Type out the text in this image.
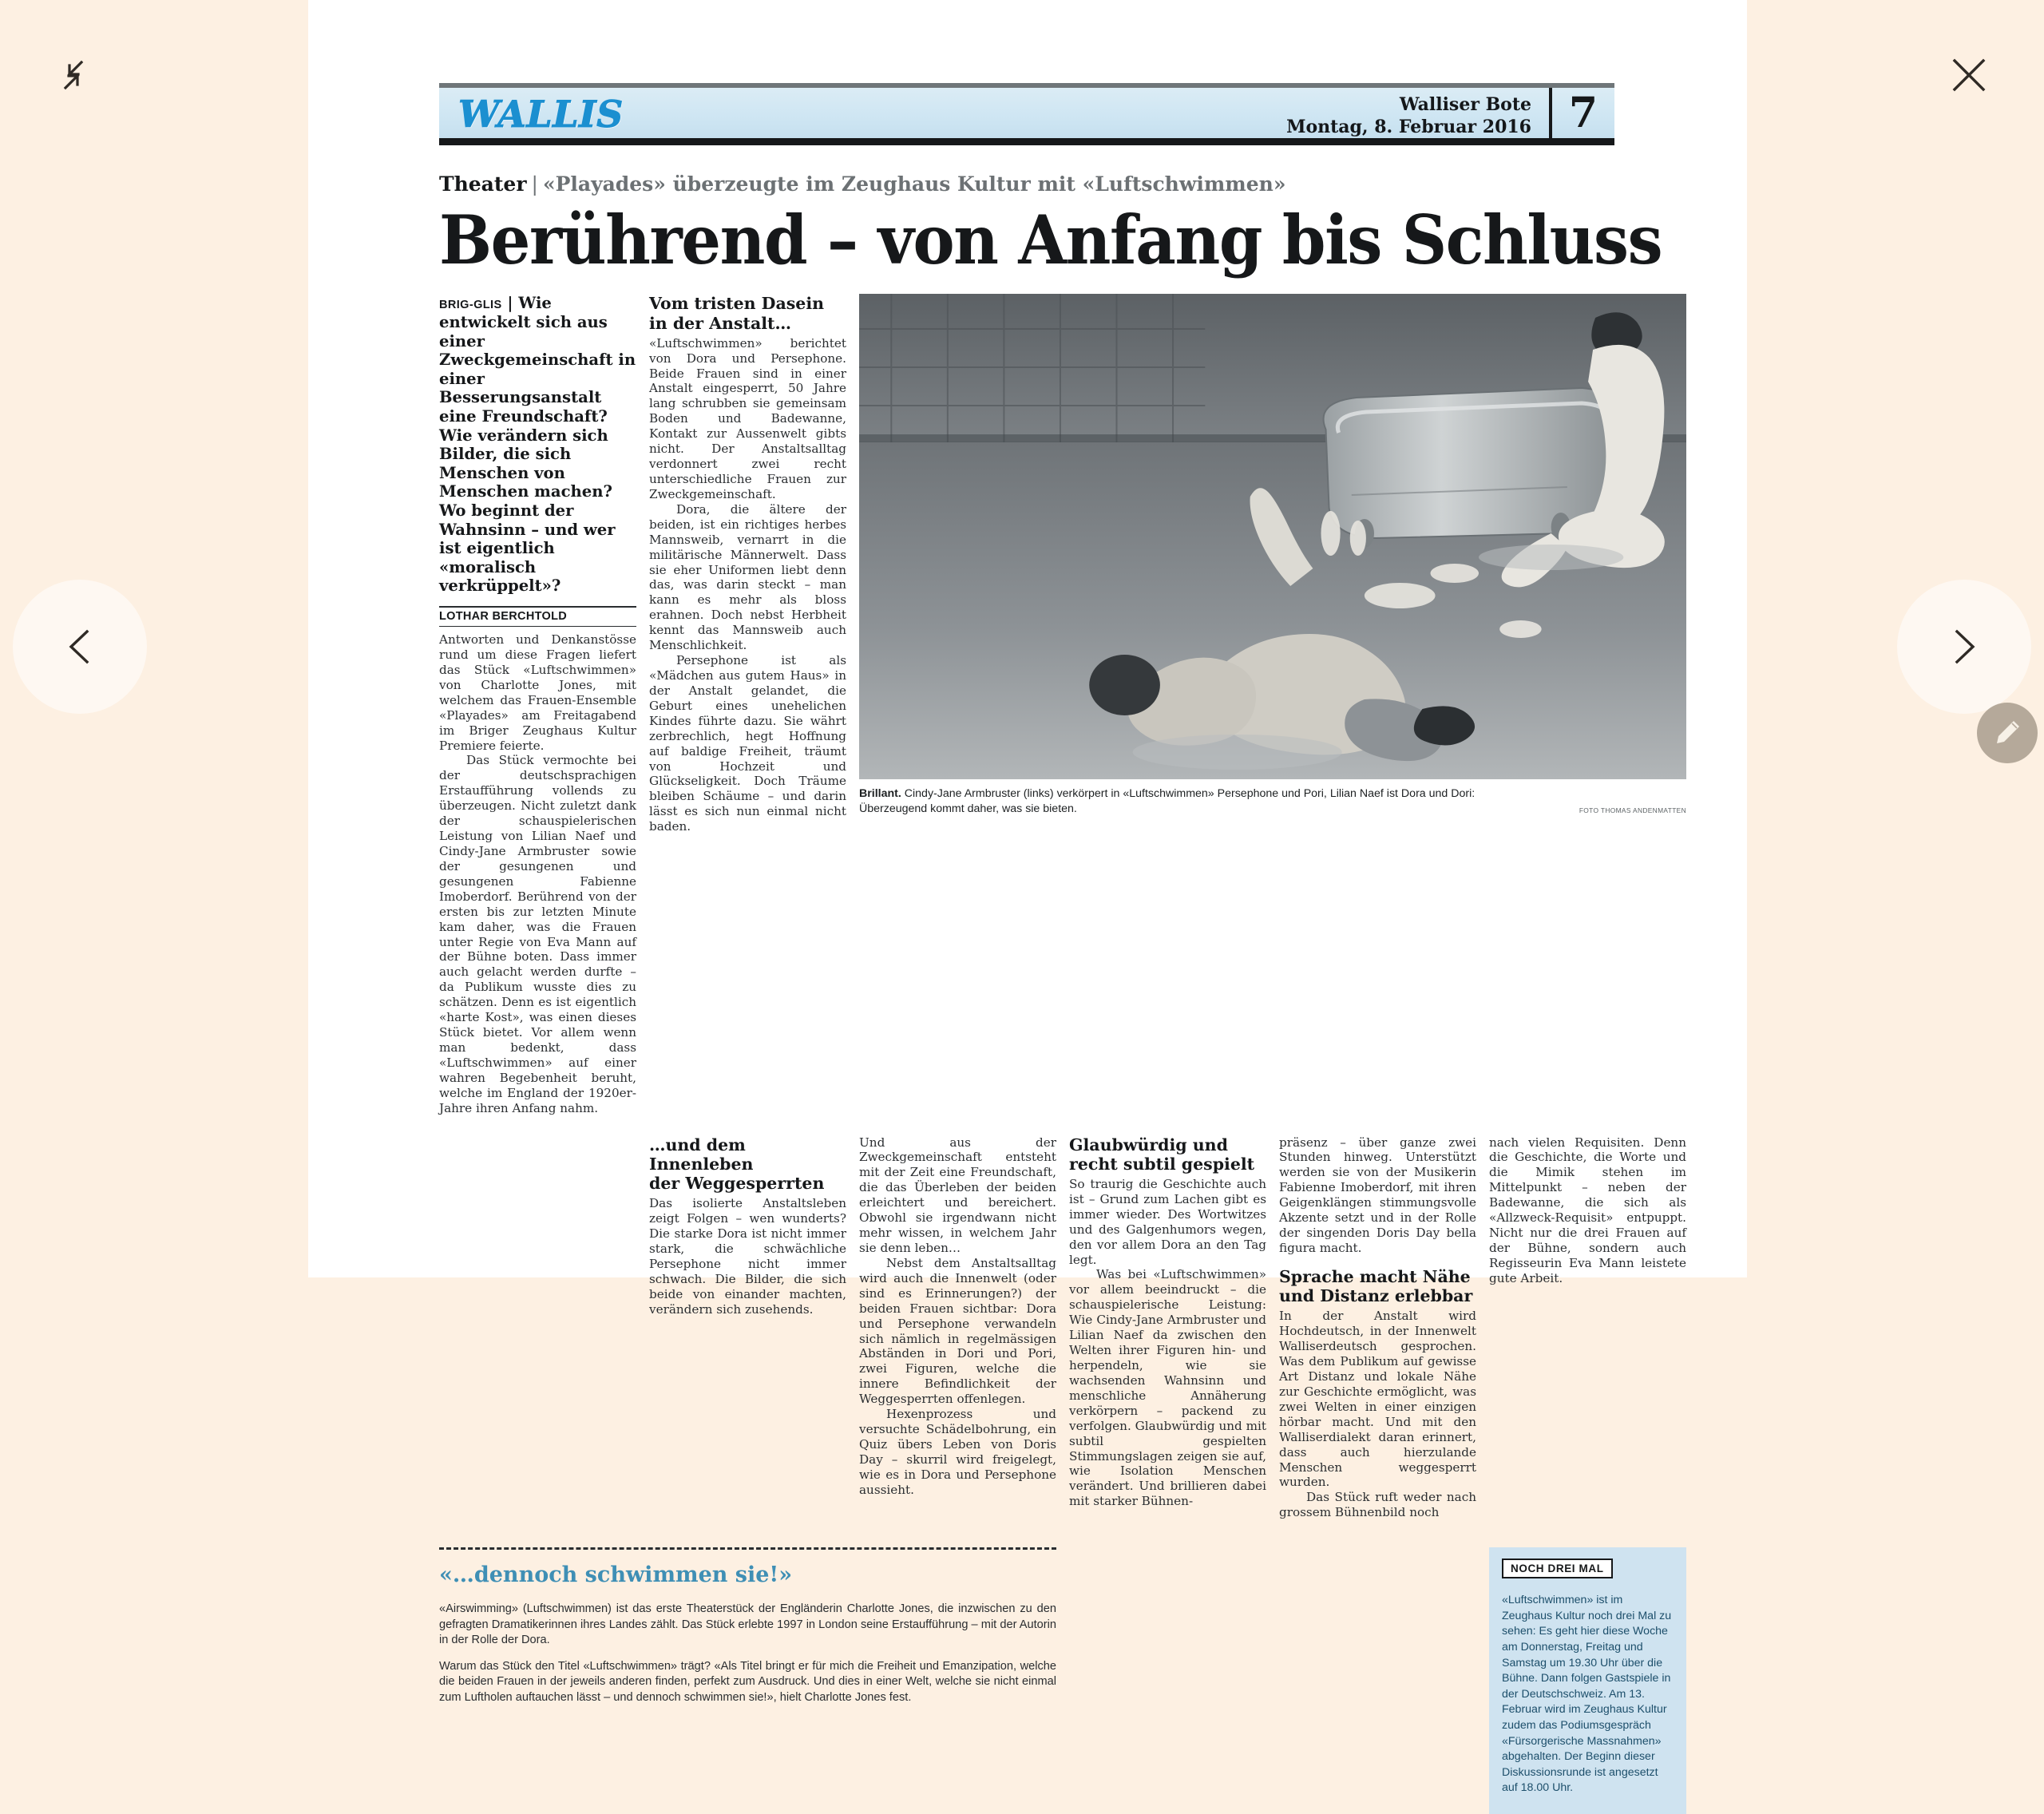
WALLIS	Walliser Bote
Montag, 8. Februar 2016 7
Theater | «Playades» überzeugte im Zeughaus Kultur mit «Luftschwimmen»
Berührend – von Anfang bis Schluss

BRIG-GLIS | Wie entwickelt sich aus einer Zweckgemeinschaft in einer Besserungsanstalt eine Freundschaft? Wie verändern sich Bilder, die sich Menschen von Menschen machen? Wo beginnt der Wahnsinn – und wer ist eigentlich «moralisch verkrüppelt»?

LOTHAR BERCHTOLD

Antworten und Denkanstösse rund um diese Fragen liefert das Stück «Luftschwimmen» von Charlotte Jones, mit welchem das Frauen-Ensemble «Playades» am Freitagabend im Briger Zeughaus Kultur Premiere feierte.

Das Stück vermochte bei der deutschsprachigen Erstaufführung vollends zu überzeugen. Nicht zuletzt dank der schauspielerischen Leistung von Lilian Naef und Cindy-Jane Armbruster sowie der gesungenen und gesungenen Fabienne Imoberdorf. Berührend von der ersten bis zur letzten Minute kam daher, was die Frauen unter Regie von Eva Mann auf der Bühne boten. Dass immer auch gelacht werden durfte – da Publikum wusste dies zu schätzen. Denn es ist eigentlich «harte Kost», was einen dieses Stück bietet. Vor allem wenn man bedenkt, dass «Luftschwimmen» auf einer wahren Begebenheit beruht, welche im England der 1920er-Jahre ihren Anfang nahm.

Vom tristen Dasein
in der Anstalt…

«Luftschwimmen» berichtet von Dora und Persephone. Beide Frauen sind in einer Anstalt eingesperrt, 50 Jahre lang schrubben sie gemeinsam Boden und Badewanne, Kontakt zur Aussenwelt gibts nicht. Der Anstaltsalltag verdonnert zwei recht unterschiedliche Frauen zur Zweckgemeinschaft.

Dora, die ältere der beiden, ist ein richtiges herbes Mannsweib, vernarrt in die militärische Männerwelt. Dass sie eher Uniformen liebt denn das, was darin steckt – man kann es mehr als bloss erahnen. Doch nebst Herbheit kennt das Mannsweib auch Menschlichkeit.

Persephone ist als «Mädchen aus gutem Haus» in der Anstalt gelandet, die Geburt eines unehelichen Kindes führte dazu. Sie währt zerbrechlich, hegt Hoffnung auf baldige Freiheit, träumt von Hochzeit und Glückseligkeit. Doch Träume bleiben Schäume – und darin lässt es sich nun einmal nicht baden.

Brillant. Cindy-Jane Armbruster (links) verkörpert in «Luftschwimmen» Persephone und Pori, Lilian Naef ist Dora und Dori: Überzeugend kommt daher, was sie bieten.	FOTO THOMAS ANDENMATTEN
…und dem Innenleben
der Weggesperrten

Das isolierte Anstaltsleben zeigt Folgen – wen wunderts? Die starke Dora ist nicht immer stark, die schwächliche Persephone nicht immer schwach. Die Bilder, die sich beide von einander machten, verändern sich zusehends.

Und aus der Zweckgemeinschaft entsteht mit der Zeit eine Freundschaft, die das Überleben der beiden erleichtert und bereichert. Obwohl sie irgendwann nicht mehr wissen, in welchem Jahr sie denn leben…

Nebst dem Anstaltsalltag wird auch die Innenwelt (oder sind es Erinnerungen?) der beiden Frauen sichtbar: Dora und Persephone verwandeln sich nämlich in regelmässigen Abständen in Dori und Pori, zwei Figuren, welche die innere Befindlichkeit der Weggesperrten offenlegen.

Hexenprozess und versuchte Schädelbohrung, ein Quiz übers Leben von Doris Day – skurril wird freigelegt, wie es in Dora und Persephone aussieht.

Glaubwürdig und
recht subtil gespielt

So traurig die Geschichte auch ist – Grund zum Lachen gibt es immer wieder. Des Wortwitzes und des Galgenhumors wegen, den vor allem Dora an den Tag legt.

Was bei «Luftschwimmen» vor allem beeindruckt – die schauspielerische Leistung: Wie Cindy-Jane Armbruster und Lilian Naef da zwischen den Welten ihrer Figuren hin- und herpendeln, wie sie wachsenden Wahnsinn und menschliche Annäherung verkörpern – packend zu verfolgen. Glaubwürdig und mit subtil gespielten Stimmungslagen zeigen sie auf, wie Isolation Menschen verändert. Und brillieren dabei mit starker Bühnen-

präsenz – über ganze zwei Stunden hinweg. Unterstützt werden sie von der Musikerin Fabienne Imoberdorf, mit ihren Geigenklängen stimmungsvolle Akzente setzt und in der Rolle der singenden Doris Day bella figura macht.

Sprache macht Nähe
und Distanz erlebbar

In der Anstalt wird Hochdeutsch, in der Innenwelt Walliserdeutsch gesprochen. Was dem Publikum auf gewisse Art Distanz und lokale Nähe zur Geschichte ermöglicht, was zwei Welten in einer einzigen hörbar macht. Und mit den Walliserdialekt daran erinnert, dass auch hierzulande Menschen weggesperrt wurden.

Das Stück ruft weder nach grossem Bühnenbild noch

nach vielen Requisiten. Denn die Geschichte, die Worte und die Mimik stehen im Mittelpunkt – neben der Badewanne, die sich als «Allzweck-Requisit» entpuppt. Nicht nur die drei Frauen auf der Bühne, sondern auch Regisseurin Eva Mann leistete gute Arbeit.

«…dennoch schwimmen sie!»

«Airswimming» (Luftschwimmen) ist das erste Theaterstück der Engländerin Charlotte Jones, die inzwischen zu den gefragten Dramatikerinnen ihres Landes zählt. Das Stück erlebte 1997 in London seine Erstaufführung – mit der Autorin in der Rolle der Dora.

Warum das Stück den Titel «Luftschwimmen» trägt? «Als Titel bringt er für mich die Freiheit und Emanzipation, welche die beiden Frauen in der jeweils anderen finden, perfekt zum Ausdruck. Und dies in einer Welt, welche sie nicht einmal zum Luftholen auftauchen lässt – und dennoch schwimmen sie!», hielt Charlotte Jones fest.

NOCH DREI MAL

«Luftschwimmen» ist im Zeughaus Kultur noch drei Mal zu sehen: Es geht hier diese Woche am Donnerstag, Freitag und Samstag um 19.30 Uhr über die Bühne. Dann folgen Gastspiele in der Deutschschweiz. Am 13. Februar wird im Zeughaus Kultur zudem das Podiumsgespräch «Fürsorgerische Massnahmen» abgehalten. Der Beginn dieser Diskussionsrunde ist angesetzt auf 18.00 Uhr.
